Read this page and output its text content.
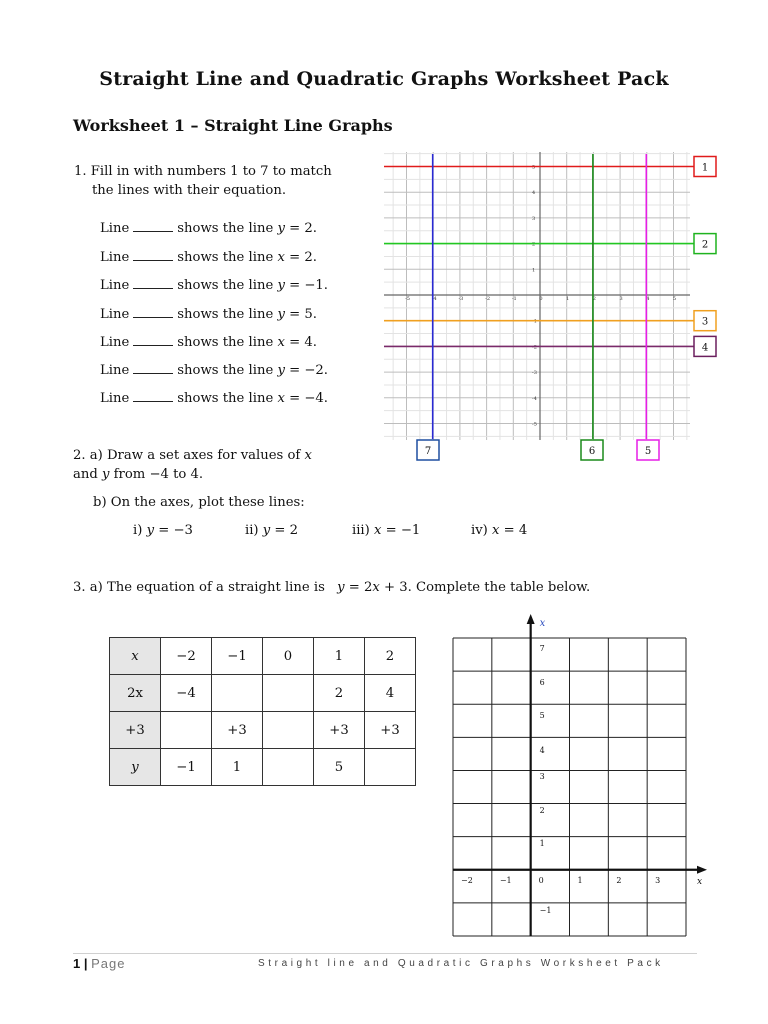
Straight Line and Quadratic Graphs Worksheet Pack
Worksheet 1 – Straight Line Graphs
1. Fill in with numbers 1 to 7 to match
the lines with their equation.
Line	shows the line y = 2.
Line	shows the line x = 2.
Line	shows the line y = −1.
Line	shows the line y = 5.
Line	shows the line x = 4.
Line	shows the line y = −2.
Line	shows the line x = −4.
2. a) Draw a set axes for values of x
and y from −4 to 4.
b) On the axes, plot these lines:
i) y = −3	ii) y = 2	iii) x = −1	iv) x = 4
3. a) The equation of a straight line is y = 2x + 3. Complete the table below.
x	−2	−1	0	1	2
2x	−4			2	4
+3		+3		+3	+3
y	−1	1		5	
-5	-4	-3	-2	-1	0	1	2	3	4	5
5
4
3
2
1
-1
-2
-3
-4
-5
1
2
3
4
5
6
7
x
x
−2	−1	0	1	2	3
7
6
5
4
3
2
1
−1
1 | Page	Straight line and Quadratic Graphs Worksheet Pack
